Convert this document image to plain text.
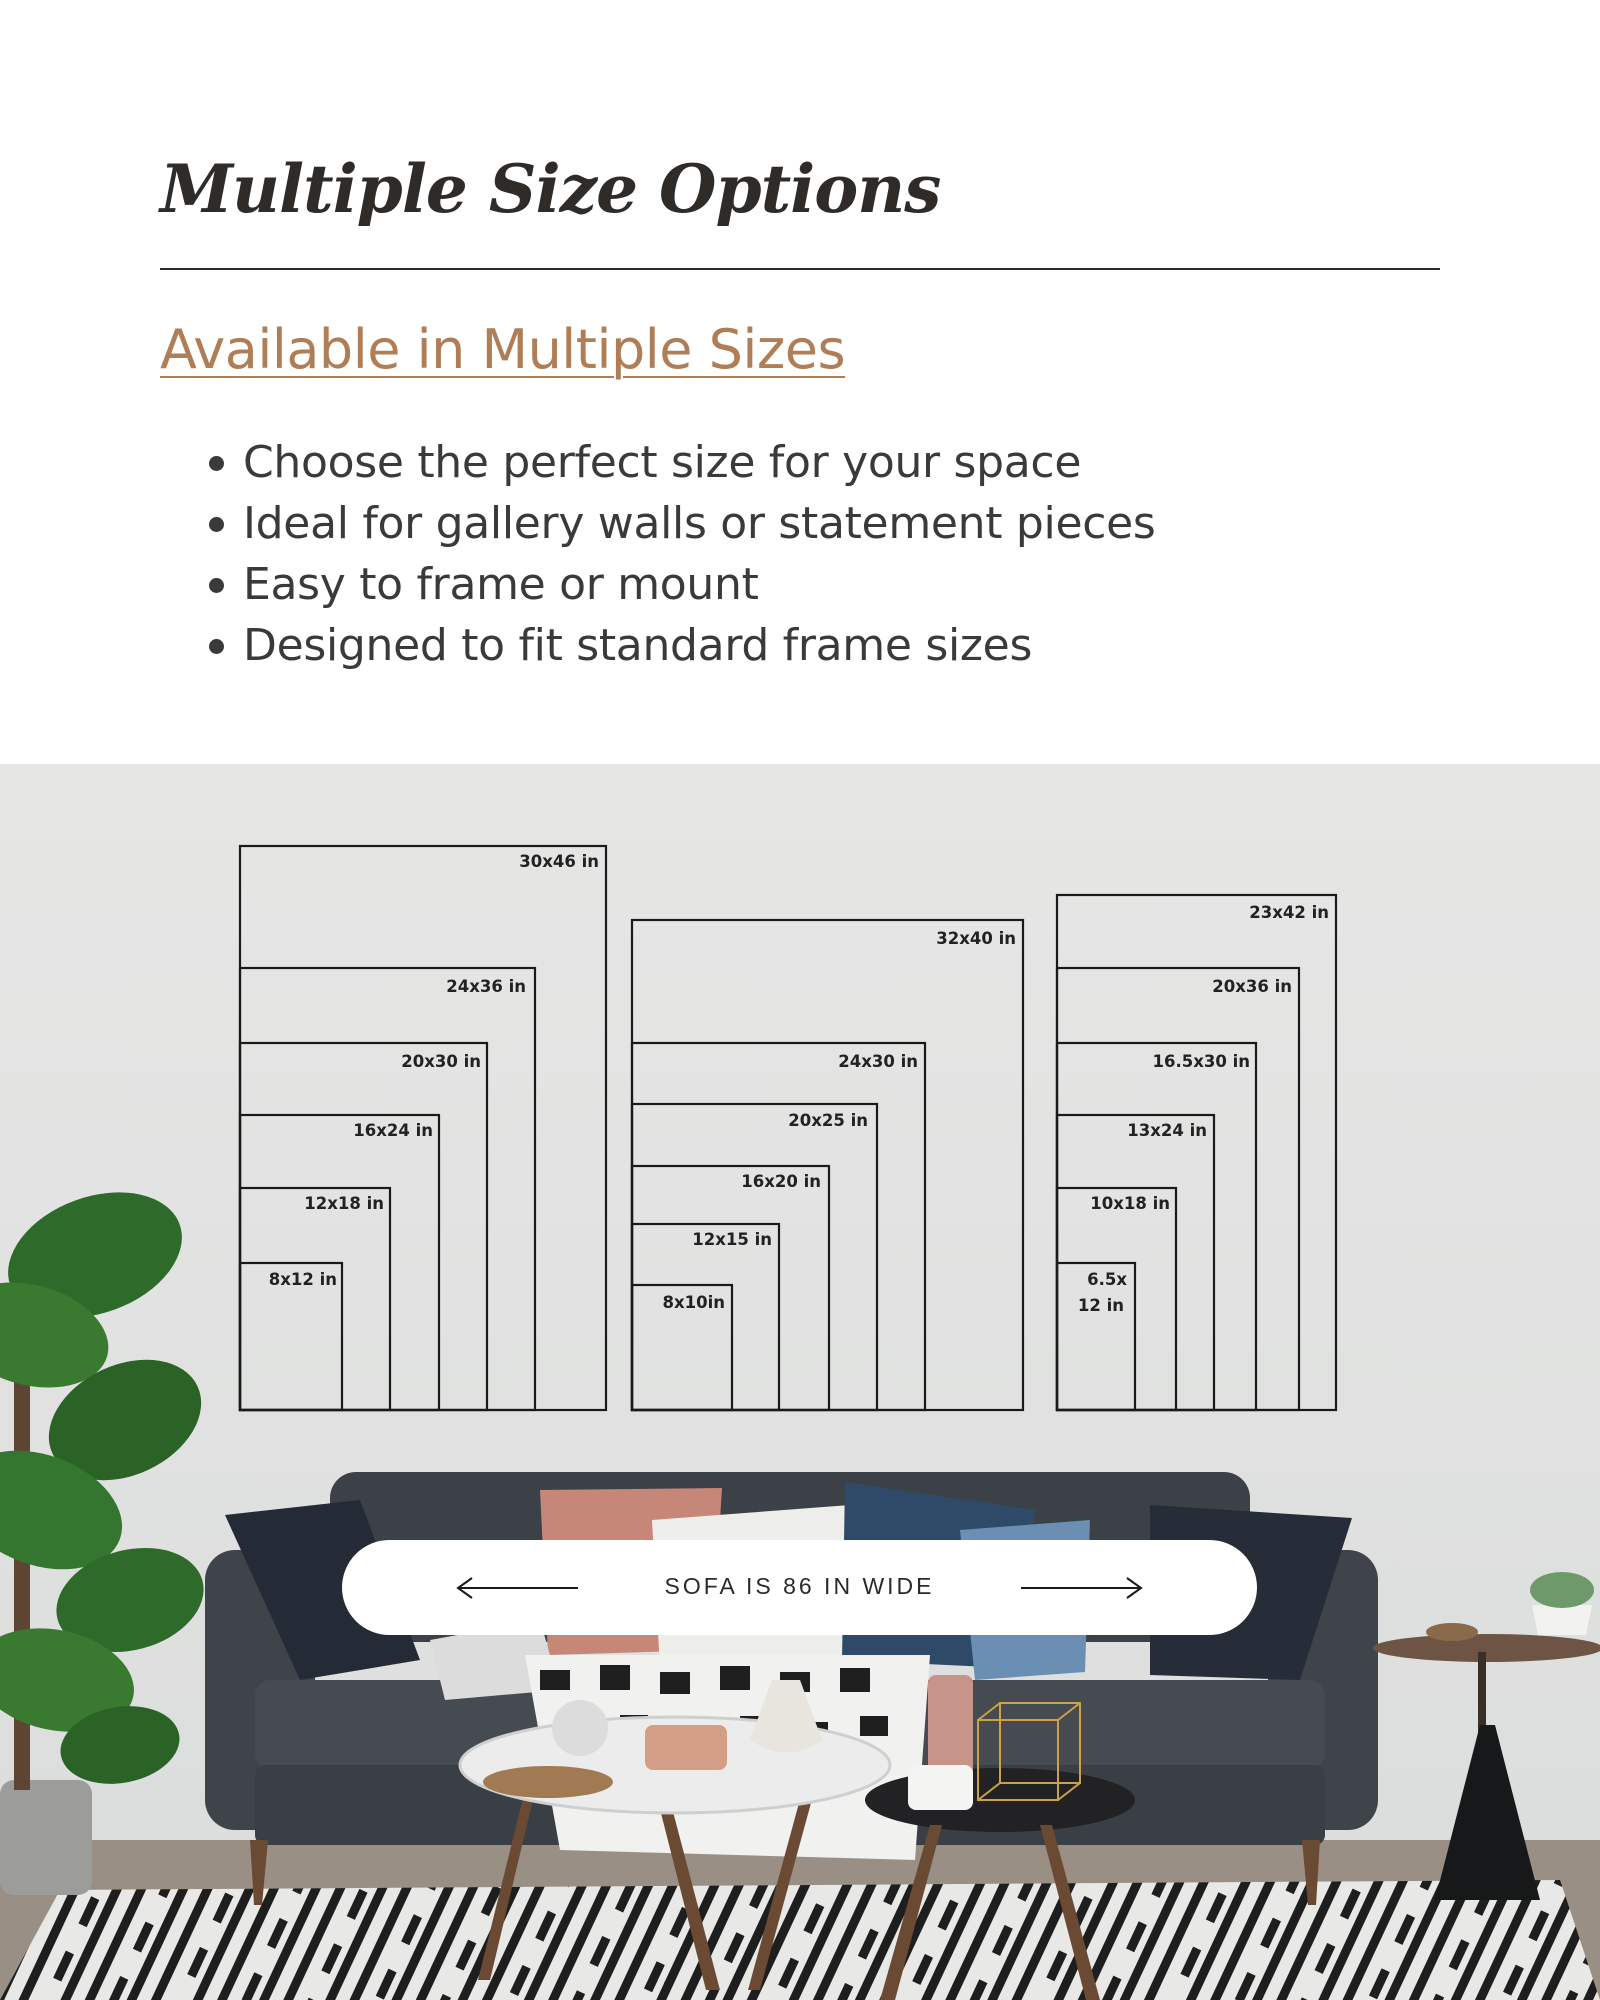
Multiple Size Options
Available in Multiple Sizes
Choose the perfect size for your space
Ideal for gallery walls or statement pieces
Easy to frame or mount
Designed to fit standard frame sizes
30x46 in
24x36 in
20x30 in
16x24 in
12x18 in
8x12 in
32x40 in
24x30 in
20x25 in
16x20 in
12x15 in
8x10in
23x42 in
20x36 in
16.5x30 in
13x24 in
10x18 in
6.5x
12 in
SOFA IS 86 IN WIDE
